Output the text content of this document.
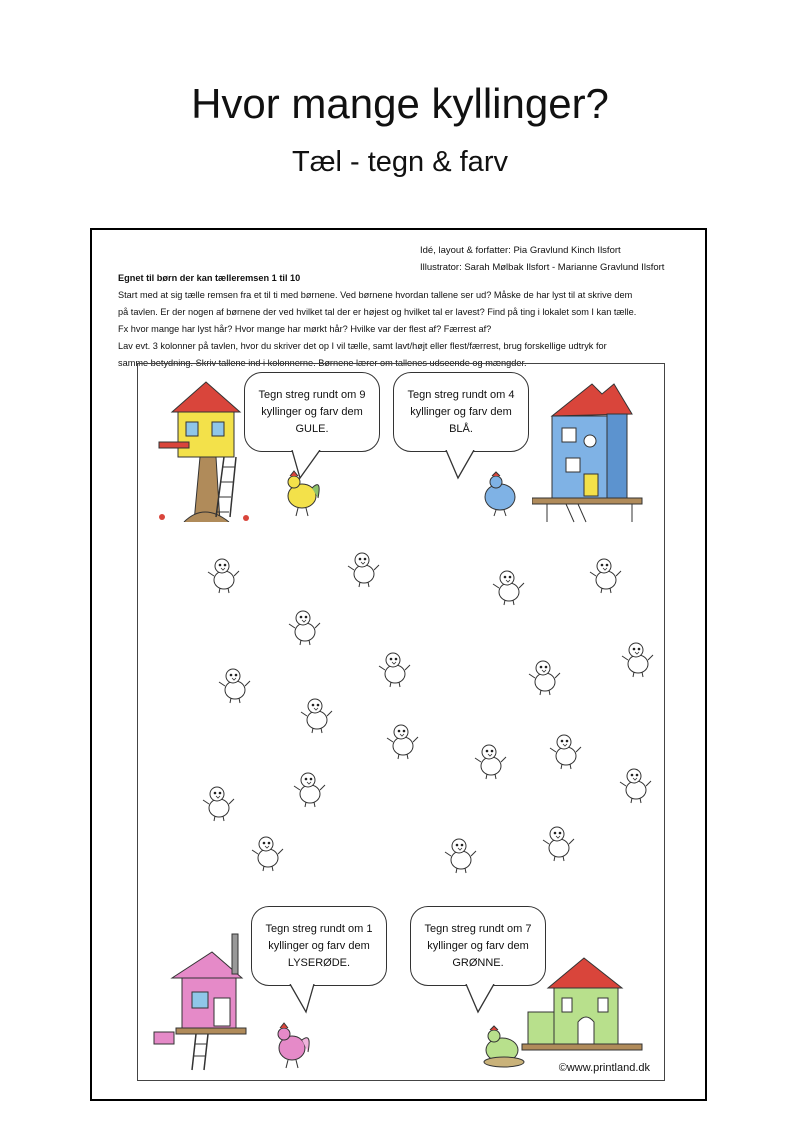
Hvor mange kyllinger?
Tæl - tegn & farv
Idé, layout & forfatter: Pia Gravlund Kinch Ilsfort
Illustrator: Sarah Mølbak Ilsfort - Marianne Gravlund Ilsfort
Egnet til børn der kan tælleremsen 1 til 10
Start med at sig tælle remsen fra et til ti med børnene. Ved børnene hvordan tallene ser ud? Måske de har lyst til at skrive dem
på tavlen. Er der nogen af børnene der ved hvilket tal der er højest og hvilket tal er lavest? Find på ting i lokalet som I kan tælle.
Fx hvor mange har lyst hår? Hvor mange har mørkt hår? Hvilke var der flest af? Færrest af?
Lav evt. 3 kolonner på tavlen, hvor du skriver det op I vil tælle, samt lavt/højt eller flest/færrest, brug forskellige udtryk for
samme betydning. Skriv tallene ind i kolonnerne. Børnene lærer om tallenes udseende og mængder.
Tegn streg rundt om 9 kyllinger og farv dem GULE.
Tegn streg rundt om 4 kyllinger og farv dem BLÅ.
Tegn streg rundt om 1 kyllinger og farv dem LYSERØDE.
Tegn streg rundt om 7 kyllinger og farv dem GRØNNE.
©www.printland.dk
